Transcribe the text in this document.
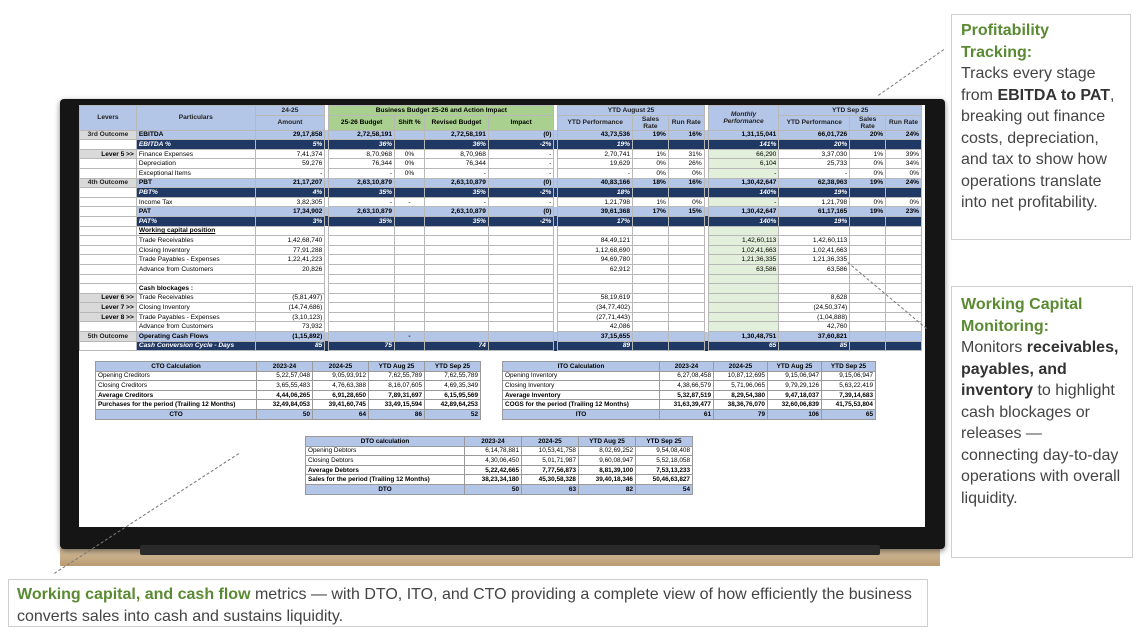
Levers	Particulars	24-25		Business Budget 25-26 and Action Impact					YTD August 25				Monthly Performance	YTD Sep 25		
		Amount		25-26 Budget	Shift %	Revised Budget	Impact		YTD Performance	Sales Rate	Run Rate			YTD Performance	Sales Rate	Run Rate
3rd Outcome	EBITDA	29,17,858		2,72,58,191		2,72,58,191	(0)		43,73,536	19%	16%		1,31,15,041	66,01,726	20%	24%
	EBITDA %	5%		36%		36%	-2%		19%				141%	20%		
Lever 5 >>	Finance Expenses	7,41,374		8,70,968	0%	8,70,968	-		2,70,741	1%	31%		66,290	3,37,030	1%	39%
	Depreciation	59,276		76,344	0%	76,344	-		19,629	0%	26%		6,104	25,733	0%	34%
	Exceptional Items	-		-	0%	-	-		-	0%	0%		-	-	0%	0%
4th Outcome	PBT	21,17,207		2,63,10,879		2,63,10,879	(0)		40,83,166	18%	16%		1,30,42,647	62,38,963	19%	24%
	PBT%	4%		35%		35%	-2%		18%				140%	19%		
	Income Tax	3,82,305		-	-	-	-		1,21,798	1%	0%		-	1,21,798	0%	0%
	PAT	17,34,902		2,63,10,879		2,63,10,879	(0)		39,61,368	17%	15%		1,30,42,647	61,17,165	19%	23%
	PAT%	3%		35%		35%	-2%		17%				140%	19%		
	Working capital position															
	Trade Receivables	1,42,68,740							84,49,121				1,42,60,113	1,42,60,113		
	Closing Inventory	77,91,288							1,12,68,690				1,02,41,663	1,02,41,663		
	Trade Payables - Expenses	1,22,41,223							94,69,780				1,21,36,335	1,21,36,335		
	Advance from Customers	20,826							62,912				63,586	63,586		

	Cash blockages :															
Lever 6 >>	Trade Receivables	(5,81,497)							58,19,619					8,628		
Lever 7 >>	Closing Inventory	(14,74,686)							(34,77,402)					(24,50,374)		
Lever 8 >>	Trade Payables - Expenses	(3,10,123)							(27,71,443)					(1,04,888)		
	Advance from Customers	73,932							42,086					42,760		
5th Outcome	Operating Cash Flows	(1,15,892)			-				37,15,655				1,30,48,751	37,60,821		
	Cash Conversion Cycle - Days	85		75		74			89				65	85		
CTO Calculation	2023-24	2024-25	YTD Aug 25	YTD Sep 25
Opening Creditors	5,22,57,048	9,05,93,912	7,62,55,789	7,62,55,789
Closing Creditors	3,65,55,483	4,76,63,388	8,16,07,605	4,69,35,349
Average Creditors	4,44,06,265	6,91,28,650	7,89,31,697	6,15,95,569
Purchases for the period (Trailing 12 Months)	32,49,84,053	39,41,60,745	33,49,15,594	42,89,64,253
CTO	50	64	86	52
ITO Calculation	2023-24	2024-25	YTD Aug 25	YTD Sep 25
Opening Inventory	6,27,08,458	10,87,12,695	9,15,06,947	9,15,06,947
Closing Inventory	4,38,66,579	5,71,96,065	9,79,29,126	5,63,22,419
Average Inventory	5,32,87,519	8,29,54,380	9,47,18,037	7,39,14,683
COGS for the period (Trailing 12 Months)	31,63,39,477	38,36,76,070	32,60,06,839	41,75,53,804
ITO	61	79	106	65
DTO calculation	2023-24	2024-25	YTD Aug 25	YTD Sep 25
Opening Debtors	6,14,78,881	10,53,41,758	8,02,69,252	9,54,08,408
Closing Debtors	4,30,06,450	5,01,71,987	9,60,08,947	5,52,18,058
Average Debtors	5,22,42,665	7,77,56,873	8,81,39,100	7,53,13,233
Sales for the period (Trailing 12 Months)	38,23,34,180	45,30,58,328	39,40,18,346	50,46,63,827
DTO	50	63	82	54
Profitability Tracking:
Tracks every stage from EBITDA to PAT, breaking out finance costs, depreciation, and tax to show how operations translate into net profitability.
Working Capital Monitoring:
Monitors receivables, payables, and inventory to highlight cash blockages or releases — connecting day-to-day operations with overall liquidity.
Working capital, and cash flow metrics — with DTO, ITO, and CTO providing a complete view of how efficiently the business converts sales into cash and sustains liquidity.
